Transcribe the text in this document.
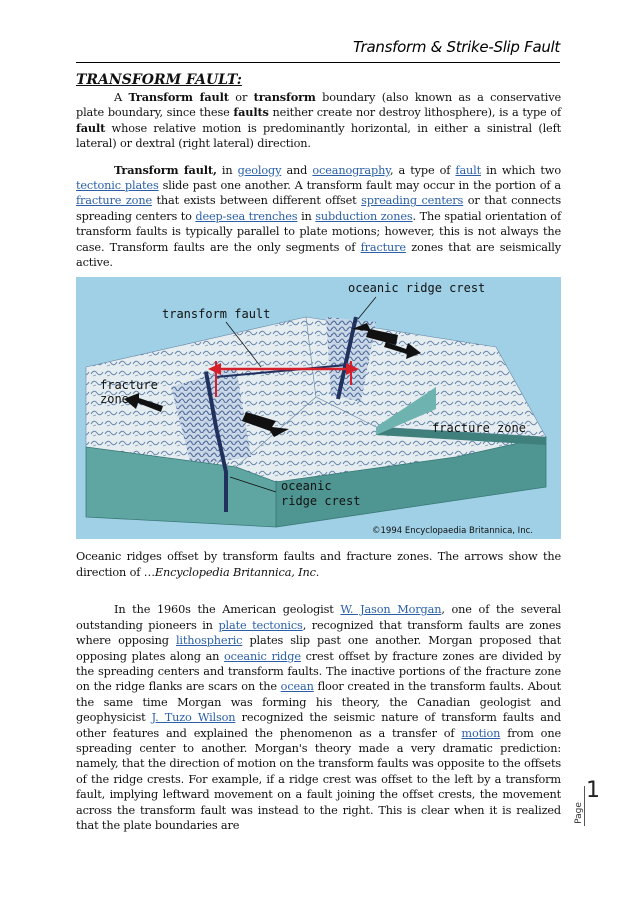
Transform & Strike-Slip Fault
TRANSFORM FAULT:

A Transform fault or transform boundary (also known as a conservative plate boundary, since these faults neither create nor destroy lithosphere), is a type of fault whose relative motion is predominantly horizontal, in either a sinistral (left lateral) or dextral (right lateral) direction.

Transform fault, in geology and oceanography, a type of fault in which two tectonic plates slide past one another. A transform fault may occur in the portion of a fracture zone that exists between different offset spreading centers or that connects spreading centers to deep-sea trenches in subduction zones. The spatial orientation of transform faults is typically parallel to plate motions; however, this is not always the case. Transform faults are the only segments of fracture zones that are seismically active.

oceanic ridge crest
transform fault
fracture
zone
fracture zone
oceanic
ridge crest
©1994 Encyclopaedia Britannica, Inc.

Oceanic ridges offset by transform faults and fracture zones. The arrows show the direction of …Encyclopedia Britannica, Inc.

In the 1960s the American geologist W. Jason Morgan, one of the several outstanding pioneers in plate tectonics, recognized that transform faults are zones where opposing lithospheric plates slip past one another. Morgan proposed that opposing plates along an oceanic ridge crest offset by fracture zones are divided by the spreading centers and transform faults. The inactive portions of the fracture zone on the ridge flanks are scars on the ocean floor created in the transform faults. About the same time Morgan was forming his theory, the Canadian geologist and geophysicist J. Tuzo Wilson recognized the seismic nature of transform faults and other features and explained the phenomenon as a transfer of motion from one spreading center to another. Morgan's theory made a very dramatic prediction: namely, that the direction of motion on the transform faults was opposite to the offsets of the ridge crests. For example, if a ridge crest was offset to the left by a transform fault, implying leftward movement on a fault joining the offset crests, the movement across the transform fault was instead to the right. This is clear when it is realized that the plate boundaries are

Page
1
